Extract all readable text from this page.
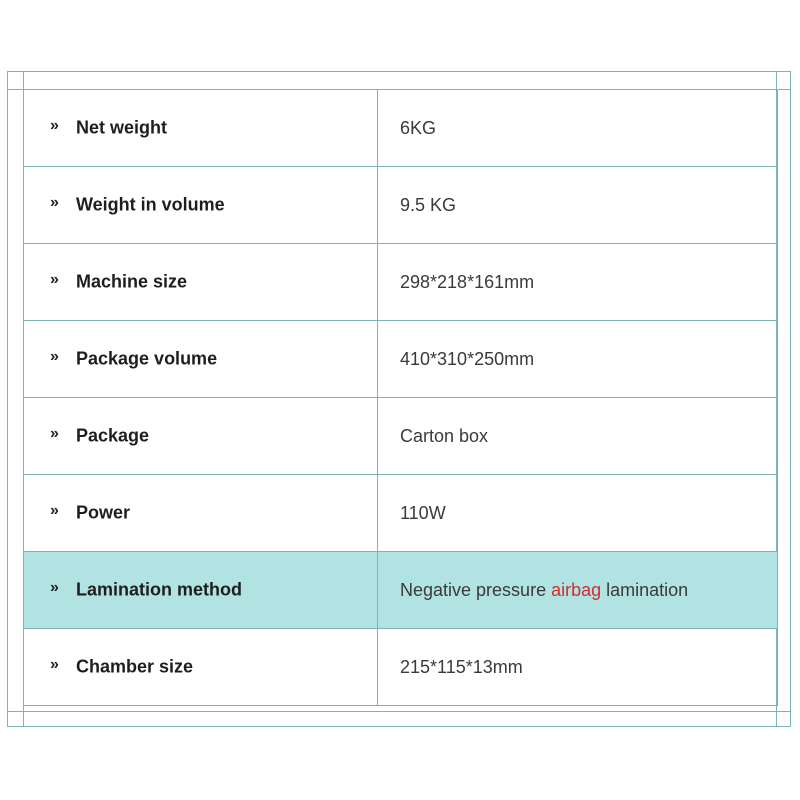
» Net weight	6KG

» Weight in volume	9.5 KG

» Machine size	298*218*161mm

» Package volume	410*310*250mm

» Package	Carton box

» Power	110W

» Lamination method	Negative pressure airbag lamination

» Chamber size	215*115*13mm
